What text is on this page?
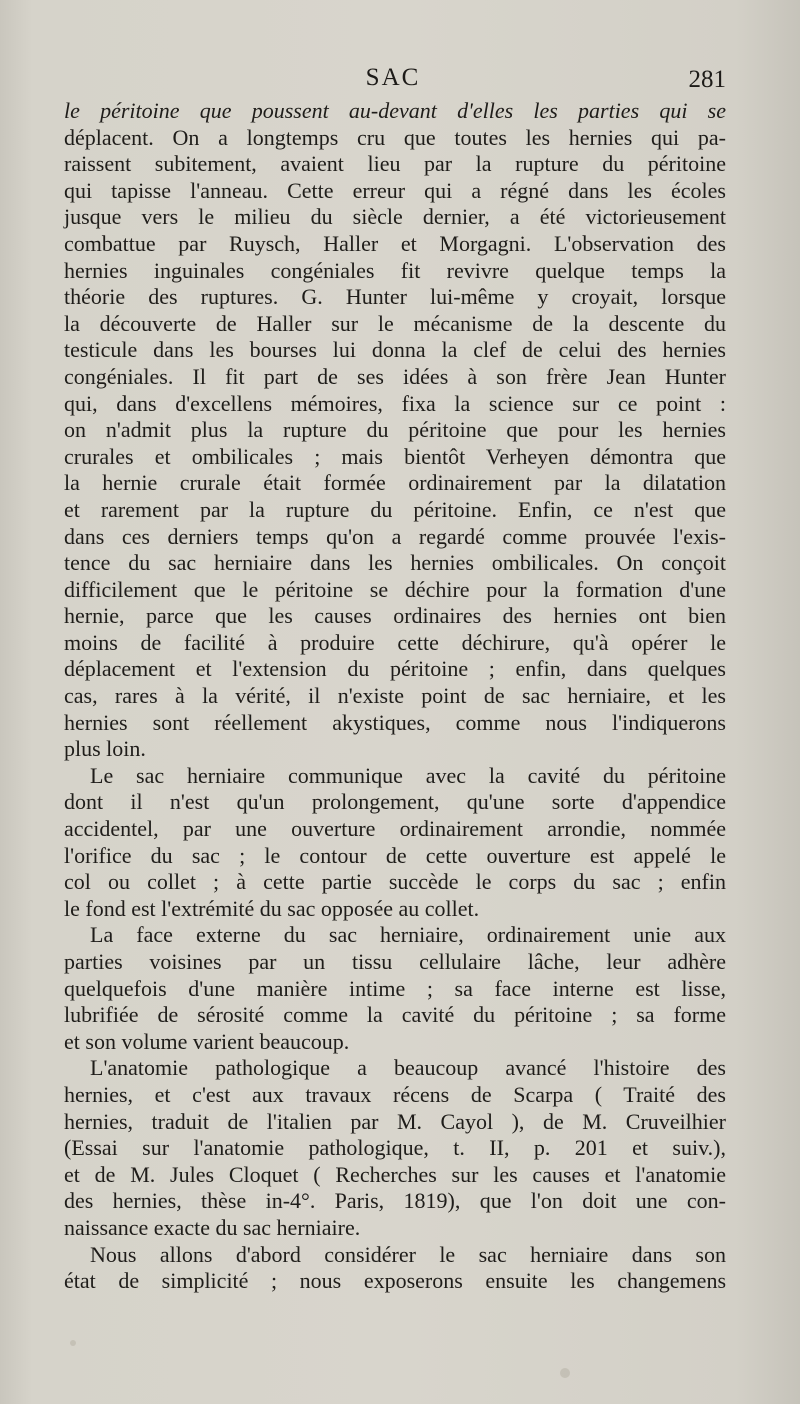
SAC	281
le péritoine que poussent au-devant d'elles les parties qui se
déplacent. On a longtemps cru que toutes les hernies qui pa-
raissent subitement, avaient lieu par la rupture du péritoine
qui tapisse l'anneau. Cette erreur qui a régné dans les écoles
jusque vers le milieu du siècle dernier, a été victorieusement
combattue par Ruysch, Haller et Morgagni. L'observation des
hernies inguinales congéniales fit revivre quelque temps la
théorie des ruptures. G. Hunter lui-même y croyait, lorsque
la découverte de Haller sur le mécanisme de la descente du
testicule dans les bourses lui donna la clef de celui des hernies
congéniales. Il fit part de ses idées à son frère Jean Hunter
qui, dans d'excellens mémoires, fixa la science sur ce point :
on n'admit plus la rupture du péritoine que pour les hernies
crurales et ombilicales ; mais bientôt Verheyen démontra que
la hernie crurale était formée ordinairement par la dilatation
et rarement par la rupture du péritoine. Enfin, ce n'est que
dans ces derniers temps qu'on a regardé comme prouvée l'exis-
tence du sac herniaire dans les hernies ombilicales. On conçoit
difficilement que le péritoine se déchire pour la formation d'une
hernie, parce que les causes ordinaires des hernies ont bien
moins de facilité à produire cette déchirure, qu'à opérer le
déplacement et l'extension du péritoine ; enfin, dans quelques
cas, rares à la vérité, il n'existe point de sac herniaire, et les
hernies sont réellement akystiques, comme nous l'indiquerons
plus loin.
Le sac herniaire communique avec la cavité du péritoine
dont il n'est qu'un prolongement, qu'une sorte d'appendice
accidentel, par une ouverture ordinairement arrondie, nommée
l'orifice du sac ; le contour de cette ouverture est appelé le
col ou collet ; à cette partie succède le corps du sac ; enfin
le fond est l'extrémité du sac opposée au collet.
La face externe du sac herniaire, ordinairement unie aux
parties voisines par un tissu cellulaire lâche, leur adhère
quelquefois d'une manière intime ; sa face interne est lisse,
lubrifiée de sérosité comme la cavité du péritoine ; sa forme
et son volume varient beaucoup.
L'anatomie pathologique a beaucoup avancé l'histoire des
hernies, et c'est aux travaux récens de Scarpa ( Traité des
hernies, traduit de l'italien par M. Cayol ), de M. Cruveilhier
(Essai sur l'anatomie pathologique, t. II, p. 201 et suiv.),
et de M. Jules Cloquet ( Recherches sur les causes et l'anatomie
des hernies, thèse in-4°. Paris, 1819), que l'on doit une con-
naissance exacte du sac herniaire.
Nous allons d'abord considérer le sac herniaire dans son
état de simplicité ; nous exposerons ensuite les changemens
